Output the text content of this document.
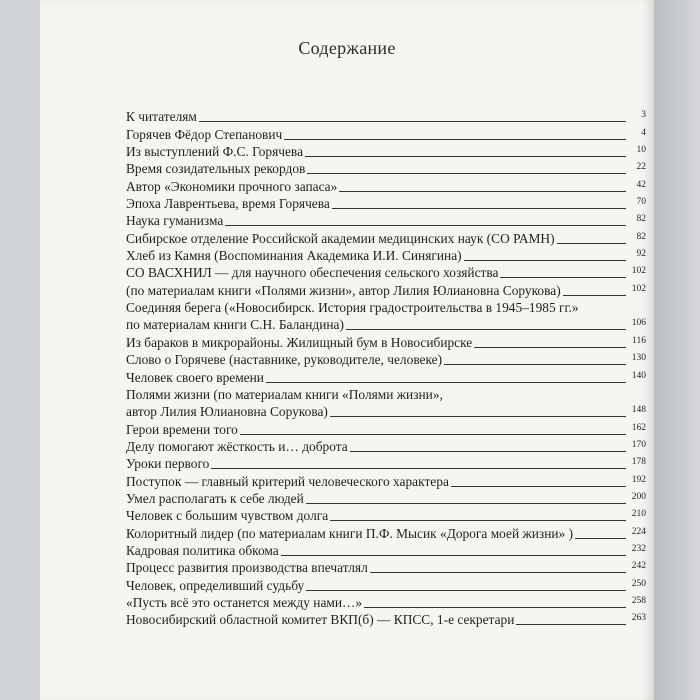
Содержание
К читателям	3
Горячев Фёдор Степанович	4
Из выступлений Ф.С. Горячева	10
Время созидательных рекордов	22
Автор «Экономики прочного запаса»	42
Эпоха Лаврентьева, время Горячева	70
Наука гуманизма	82
Сибирское отделение Российской академии медицинских наук (СО РАМН)	82
Хлеб из Камня (Воспоминания Академика И.И. Синягина)	92
СО ВАСХНИЛ — для научного обеспечения сельского хозяйства	102
(по материалам книги «Полями жизни», автор Лилия Юлиановна Сорукова)	102
Соединяя берега («Новосибирск. История градостроительства в 1945–1985 гг.»
по материалам книги С.Н. Баландина)	106
Из бараков в микрорайоны. Жилищный бум в Новосибирске	116
Слово о Горячеве (наставнике, руководителе, человеке)	130
Человек своего времени	140
Полями жизни (по материалам книги «Полями жизни»,
автор Лилия Юлиановна Сорукова)	148
Герои времени того	162
Делу помогают жёсткость и… доброта	170
Уроки первого	178
Поступок — главный критерий человеческого характера	192
Умел располагать к себе людей	200
Человек с большим чувством долга	210
Колоритный лидер (по материалам книги П.Ф. Мысик «Дорога моей жизни» )	224
Кадровая политика обкома	232
Процесс развития производства впечатлял	242
Человек, определивший судьбу	250
«Пусть всё это останется между нами…»	258
Новосибирский областной комитет ВКП(б) — КПСС, 1-е секретари	263
